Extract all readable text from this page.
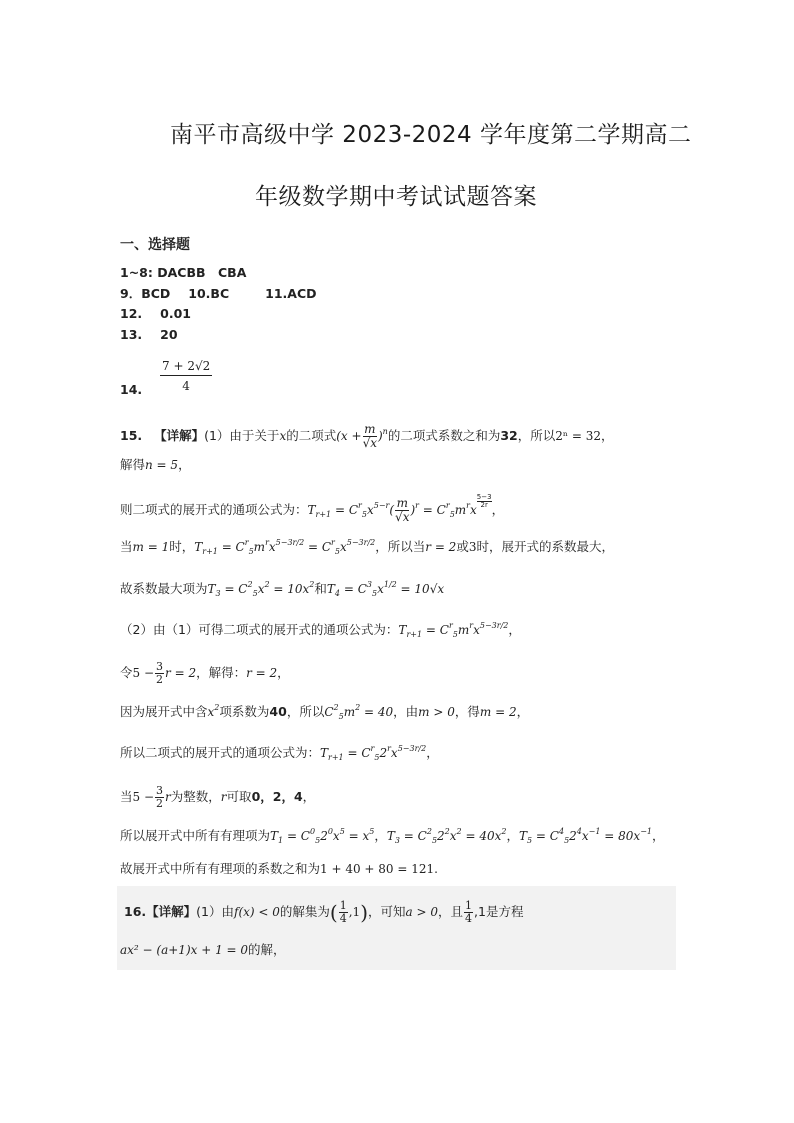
南平市高级中学 2023-2024 学年度第二学期高二
年级数学期中考试试题答案
一、选择题
1~8: DACBB　CBA
9．BCD 10.BC	11.ACD
12. 0.01
13. 20
14.
7 + 2√2
4
15. 【详解】(1）由于关于x的二项式$(x + \frac{m}{√x} )^n$的二项式系数之和为32，所以2ⁿ = 32，
解得n = 5，
则二项式的展开式的通项公式为：$T_{r+1} = C^r_5x^{5-r}( \frac{m}{√x} )^r = C^r_5m^rx$
$\frac{5-3}{2r}$
，
当m = 1时，$T_{r+1} = C^r_5m^rx^{5-3r/2} = C^r_5x^{5-3r/2}$，所以当r = 2或3时，展开式的系数最大，
故系数最大项为$T_3 = C^2_5x^2 = 10x^2$和$T_4 = C^3_5x^{1/2} = 10√x$
（2）由（1）可得二项式的展开式的通项公式为：$T_{r+1} = C^r_5m^rx^{5-3r/2}$，
令$5 - \frac{3}{2}$ r = 2，解得：r = 2，
因为展开式中含$x^2$项系数为40，所以$C^2_5m^2 = 40$，由m > 0，得m = 2，
所以二项式的展开式的通项公式为：$T_{r+1} = C^r_52^rx^{5-3r/2}$，
当$5 - \frac{3}{2}$ r为整数，r可取0，2，4，
所以展开式中所有有理项为$T_1 = C^0_52^0x^5 = x^5$，$T_3 = C^2_52^2x^2 = 40x^2$，$T_5 = C^4_52^4x^{-1} = 80x^{-1}$，
故展开式中所有有理项的系数之和为1 + 40 + 80 = 121.
16.【详解】(1）由f(x) < 0的解集为( $\frac{1}{4} ,1$)，可知a > 0，且 $\frac{1}{4} ,1$是方程
ax² − (a+1)x + 1 = 0的解，
